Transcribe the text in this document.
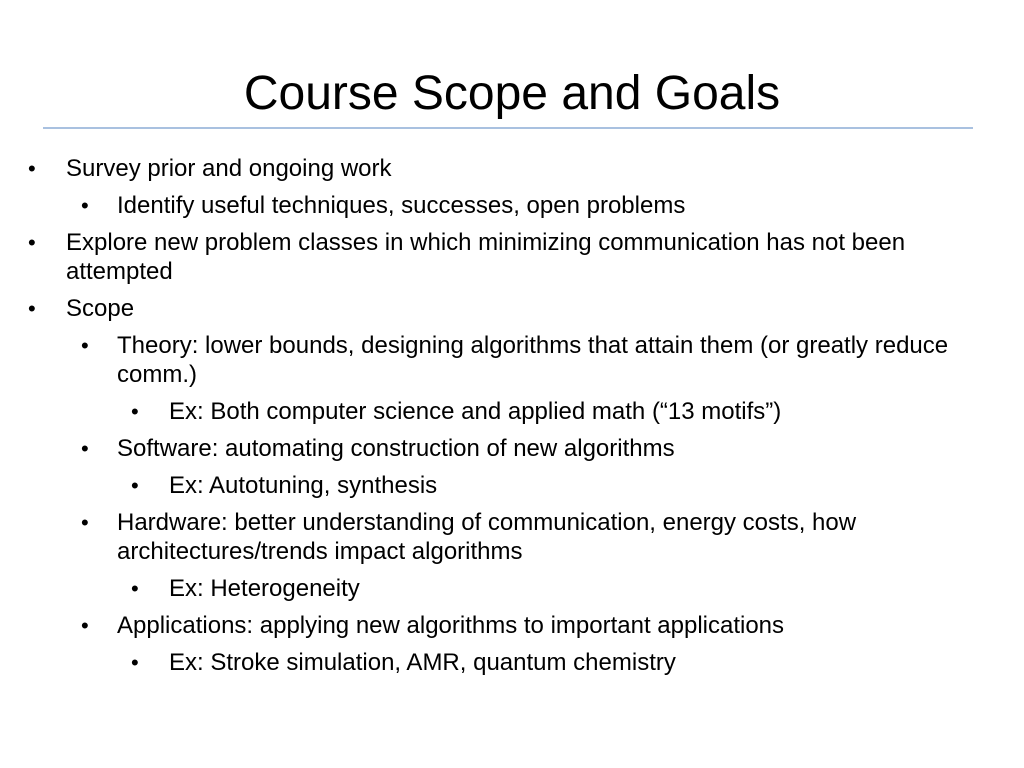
Course Scope and Goals
• Survey prior and ongoing work
• Identify useful techniques, successes, open problems
• Explore new problem classes in which minimizing communication has not been attempted
• Scope
• Theory: lower bounds, designing algorithms that attain them (or greatly reduce comm.)
• Ex: Both computer science and applied math (“13 motifs”)
• Software: automating construction of new algorithms
• Ex: Autotuning, synthesis
• Hardware: better understanding of communication, energy costs, how architectures/trends impact algorithms
• Ex: Heterogeneity
• Applications: applying new algorithms to important applications
• Ex: Stroke simulation, AMR, quantum chemistry
